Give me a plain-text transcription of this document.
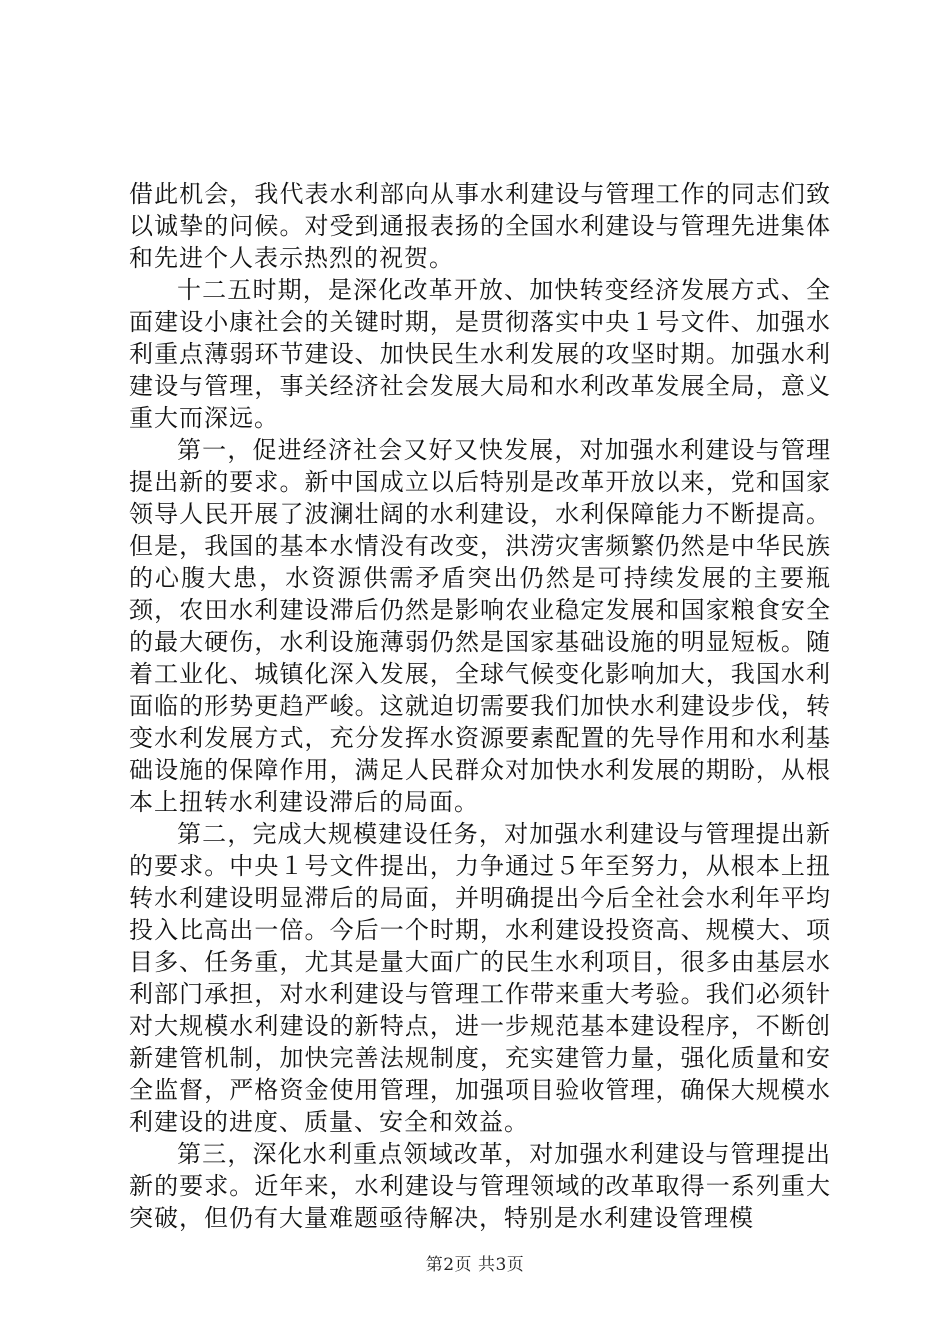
借此机会，我代表水利部向从事水利建设与管理工作的同志们致以诚挚的问候。对受到通报表扬的全国水利建设与管理先进集体和先进个人表示热烈的祝贺。

十二五时期，是深化改革开放、加快转变经济发展方式、全面建设小康社会的关键时期，是贯彻落实中央１号文件、加强水利重点薄弱环节建设、加快民生水利发展的攻坚时期。加强水利建设与管理，事关经济社会发展大局和水利改革发展全局，意义重大而深远。

第一，促进经济社会又好又快发展，对加强水利建设与管理提出新的要求。新中国成立以后特别是改革开放以来，党和国家领导人民开展了波澜壮阔的水利建设，水利保障能力不断提高。但是，我国的基本水情没有改变，洪涝灾害频繁仍然是中华民族的心腹大患，水资源供需矛盾突出仍然是可持续发展的主要瓶颈，农田水利建设滞后仍然是影响农业稳定发展和国家粮食安全的最大硬伤，水利设施薄弱仍然是国家基础设施的明显短板。随着工业化、城镇化深入发展，全球气候变化影响加大，我国水利面临的形势更趋严峻。这就迫切需要我们加快水利建设步伐，转变水利发展方式，充分发挥水资源要素配置的先导作用和水利基础设施的保障作用，满足人民群众对加快水利发展的期盼，从根本上扭转水利建设滞后的局面。

第二，完成大规模建设任务，对加强水利建设与管理提出新的要求。中央１号文件提出，力争通过５年至努力，从根本上扭转水利建设明显滞后的局面，并明确提出今后全社会水利年平均投入比高出一倍。今后一个时期，水利建设投资高、规模大、项目多、任务重，尤其是量大面广的民生水利项目，很多由基层水利部门承担，对水利建设与管理工作带来重大考验。我们必须针对大规模水利建设的新特点，进一步规范基本建设程序，不断创新建管机制，加快完善法规制度，充实建管力量，强化质量和安全监督，严格资金使用管理，加强项目验收管理，确保大规模水利建设的进度、质量、安全和效益。

第三，深化水利重点领域改革，对加强水利建设与管理提出新的要求。近年来，水利建设与管理领域的改革取得一系列重大突破，但仍有大量难题亟待解决，特别是水利建设管理模

第2页 共3页
